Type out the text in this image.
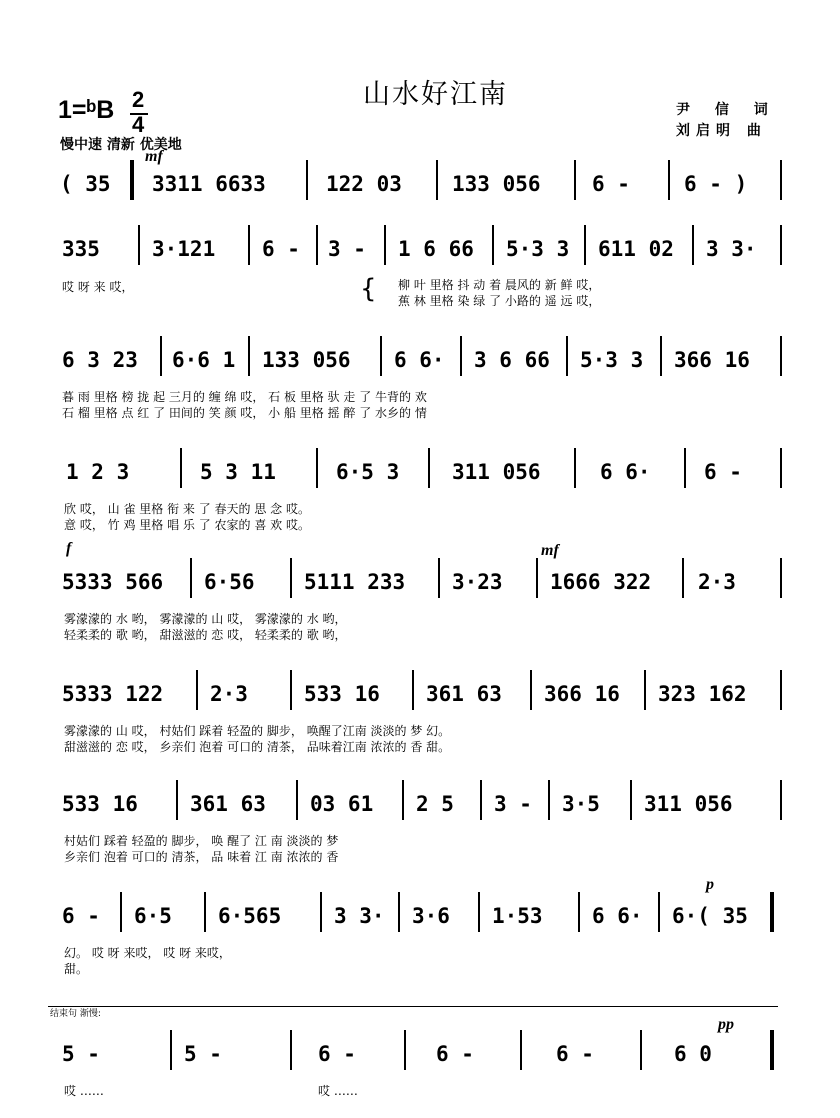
山水好江南
1=ᵇB 2
4
慢中速 清新 优美地
尹 信 词
刘启明 曲
mf
f	mf
p
pp
( 35 3311 6633	122 03 133 056 6 -	6 - )
335 3·121 6 - 3 - 1 6 66 5·3 3 611 02 3 3·
哎 呀 来 哎，	{ 柳 叶 里格 抖 动 着 晨风的 新 鲜 哎，
蕉 林 里格 染 绿 了 小路的 遥 远 哎，
6 3 23 6·6 1 133 056 6 6· 3 6 66 5·3 3 366 16
暮 雨 里格 榜 拢 起 三月的 缠 绵 哎， 石 板 里格 驮 走 了 牛背的 欢
石 榴 里格 点 红 了 田间的 笑 颜 哎， 小 船 里格 摇 醉 了 水乡的 情
1 2 3	5 3 11	6·5 3	311 056	6 6·	6 -
欣 哎， 山 雀 里格 衔 来 了 春天的 思 念 哎。
意 哎， 竹 鸡 里格 唱 乐 了 农家的 喜 欢 哎。
5333 566 6·56 5111 233 3·23 1666 322 2·3
雾濛濛的 水 哟， 雾濛濛的 山 哎， 雾濛濛的 水 哟，
轻柔柔的 歌 哟， 甜滋滋的 恋 哎， 轻柔柔的 歌 哟，
5333 122 2·3	533 16 361 63 366 16 323 162
雾濛濛的 山 哎， 村姑们 踩着 轻盈的 脚步， 唤醒了江南 淡淡的 梦 幻。
甜滋滋的 恋 哎， 乡亲们 泡着 可口的 清茶， 品味着江南 浓浓的 香 甜。
533 16 361 63 03 61 2 5 3 - 3·5 311 056
村姑们 踩着 轻盈的 脚步， 唤 醒了 江 南 淡淡的 梦
乡亲们 泡着 可口的 清茶， 品 味着 江 南 浓浓的 香
6 - 6·5 6·565	3 3· 3·6 1·53 6 6· 6·( 35
幻。 哎 呀 来哎， 哎 呀 来哎，
甜。
结束句 渐慢:
5 -	5 -	6 -	6 -	6 -	6 0
哎 ……	哎 ……
